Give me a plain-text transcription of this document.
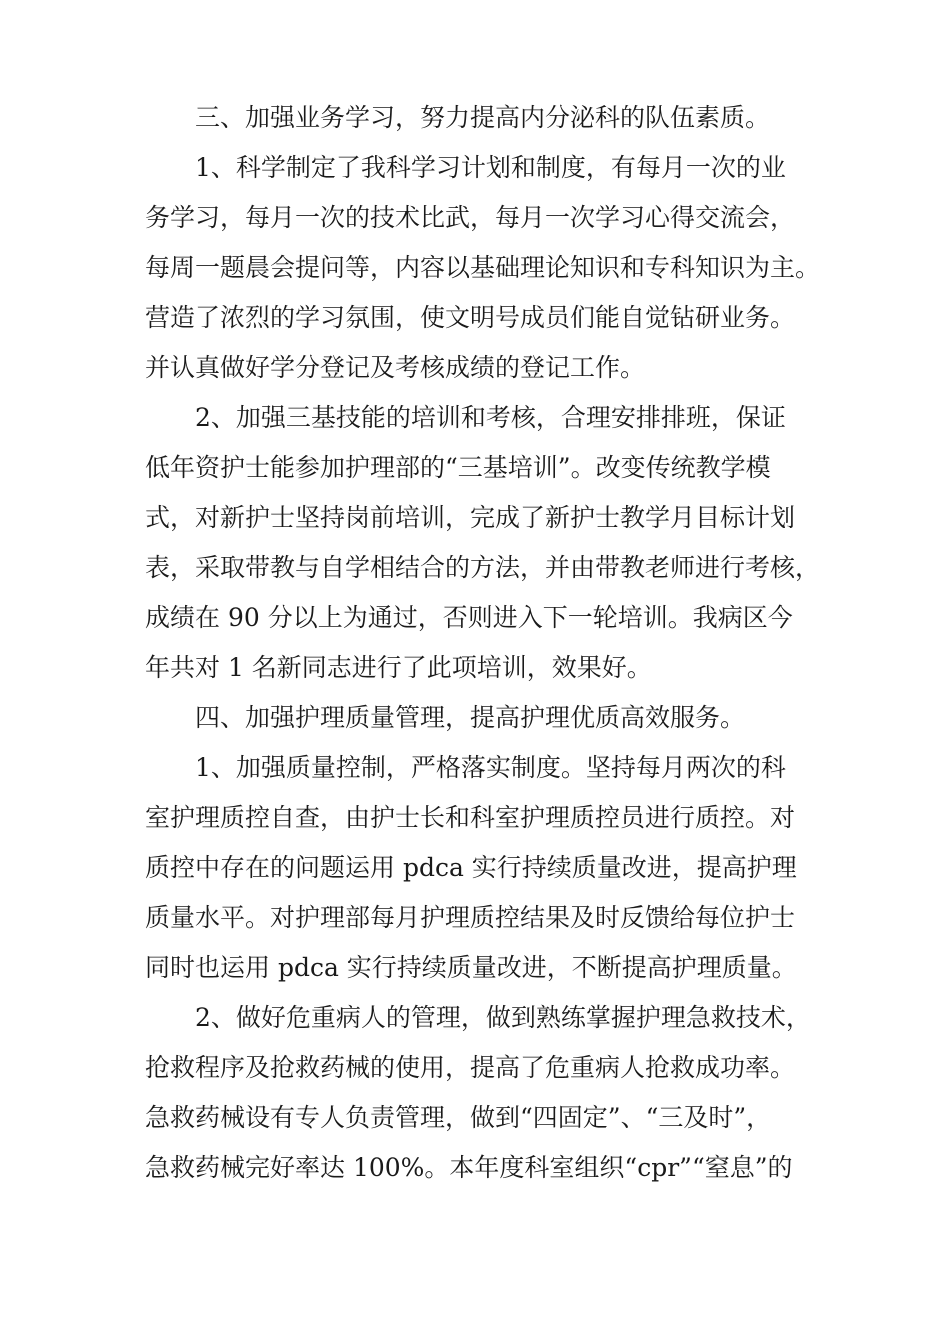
三、加强业务学习，努力提高内分泌科的队伍素质。
1、科学制定了我科学习计划和制度，有每月一次的业
务学习，每月一次的技术比武，每月一次学习心得交流会，
每周一题晨会提问等，内容以基础理论知识和专科知识为主。
营造了浓烈的学习氛围，使文明号成员们能自觉钻研业务。
并认真做好学分登记及考核成绩的登记工作。
2、加强三基技能的培训和考核，合理安排排班，保证
低年资护士能参加护理部的“三基培训”。改变传统教学模
式，对新护士坚持岗前培训，完成了新护士教学月目标计划
表，采取带教与自学相结合的方法，并由带教老师进行考核，
成绩在 90 分以上为通过，否则进入下一轮培训。我病区今
年共对 1 名新同志进行了此项培训，效果好。
四、加强护理质量管理，提高护理优质高效服务。
1、加强质量控制，严格落实制度。坚持每月两次的科
室护理质控自查，由护士长和科室护理质控员进行质控。对
质控中存在的问题运用 pdca 实行持续质量改进，提高护理
质量水平。对护理部每月护理质控结果及时反馈给每位护士
同时也运用 pdca 实行持续质量改进，不断提高护理质量。
2、做好危重病人的管理，做到熟练掌握护理急救技术，
抢救程序及抢救药械的使用，提高了危重病人抢救成功率。
急救药械设有专人负责管理，做到“四固定”、“三及时”，
急救药械完好率达 100%。本年度科室组织“cpr”“窒息”的
